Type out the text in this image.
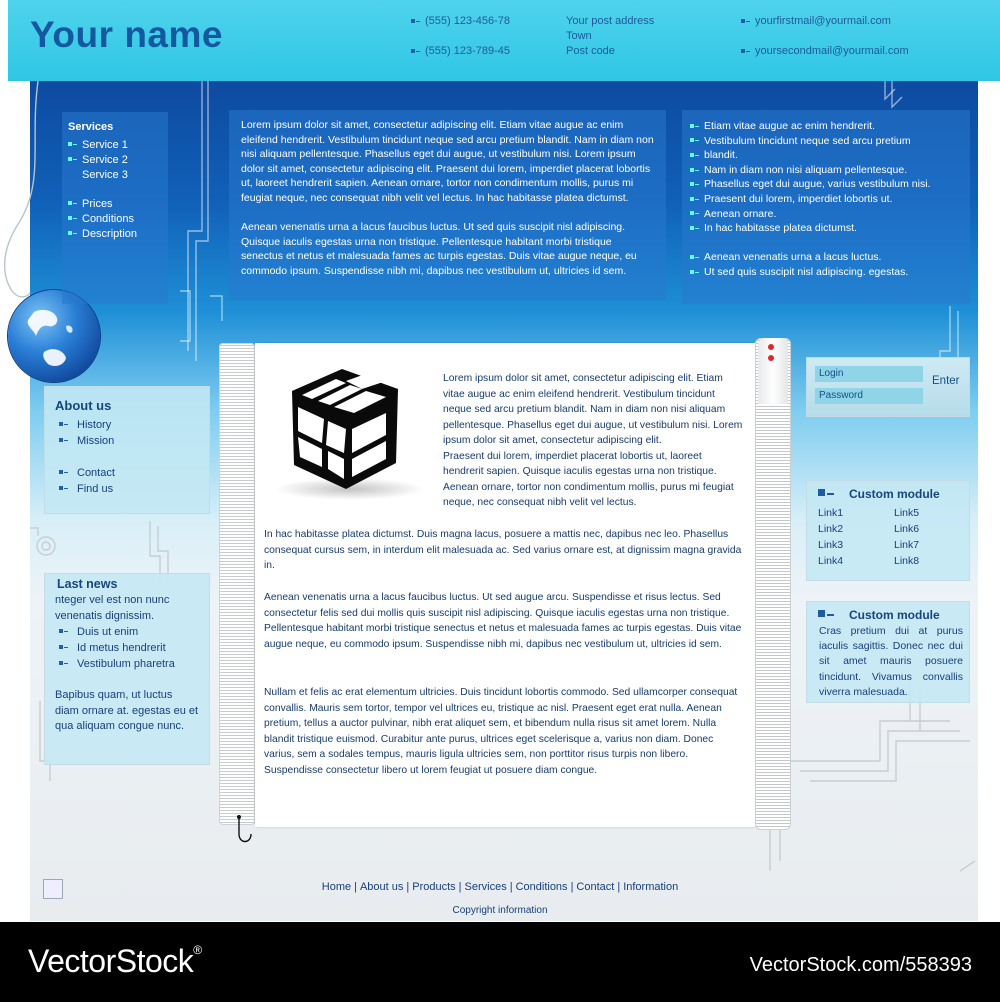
Your name	(555) 123-456-78
(555) 123-789-45
Your post address
Town
Post code
yourfirstmail@yourmail.com
yoursecondmail@yourmail.com
Services
Service 1
Service 2
Service 3
Prices
Conditions
Description

Lorem ipsum dolor sit amet, consectetur adipiscing elit. Etiam vitae augue ac enim eleifend hendrerit. Vestibulum tincidunt neque sed arcu pretium blandit. Nam in diam non nisi aliquam pellentesque. Phasellus eget dui augue, ut vestibulum nisi. Lorem ipsum dolor sit amet, consectetur adipiscing elit. Praesent dui lorem, imperdiet placerat lobortis ut, laoreet hendrerit sapien. Aenean ornare, tortor non condimentum mollis, purus mi feugiat neque, nec consequat nibh velit vel lectus. In hac habitasse platea dictumst.

Aenean venenatis urna a lacus faucibus luctus. Ut sed quis suscipit nisl adipiscing. Quisque iaculis egestas urna non tristique. Pellentesque habitant morbi tristique senectus et netus et malesuada fames ac turpis egestas. Duis vitae augue neque, eu commodo ipsum. Suspendisse nibh mi, dapibus nec vestibulum ut, ultricies id sem.

Etiam vitae augue ac enim hendrerit.
Vestibulum tincidunt neque sed arcu pretium
blandit.
Nam in diam non nisi aliquam pellentesque.
Phasellus eget dui augue, varius vestibulum nisi.
Praesent dui lorem, imperdiet lobortis ut.
Aenean ornare.
In hac habitasse platea dictumst.
Aenean venenatis urna a lacus luctus.
Ut sed quis suscipit nisl adipiscing. egestas.
About us
History
Mission
Contact
Find us
Last news
nteger vel est non nunc venenatis dignissim.
Duis ut enim
Id metus hendrerit
Vestibulum pharetra
Bapibus quam, ut luctus diam ornare at. egestas eu et qua aliquam congue nunc.
Lorem ipsum dolor sit amet, consectetur adipiscing elit. Etiam vitae augue ac enim eleifend hendrerit. Vestibulum tincidunt neque sed arcu pretium blandit. Nam in diam non nisi aliquam pellentesque. Phasellus eget dui augue, ut vestibulum nisi. Lorem ipsum dolor sit amet, consectetur adipiscing elit.
Praesent dui lorem, imperdiet placerat lobortis ut, laoreet hendrerit sapien. Quisque iaculis egestas urna non tristique. Aenean ornare, tortor non condimentum mollis, purus mi feugiat neque, nec consequat nibh velit vel lectus.
In hac habitasse platea dictumst. Duis magna lacus, posuere a mattis nec, dapibus nec leo. Phasellus consequat cursus sem, in interdum elit malesuada ac. Sed varius ornare est, at dignissim magna gravida in.
Aenean venenatis urna a lacus faucibus luctus. Ut sed augue arcu. Suspendisse et risus lectus. Sed consectetur felis sed dui mollis quis suscipit nisl adipiscing. Quisque iaculis egestas urna non tristique. Pellentesque habitant morbi tristique senectus et netus et malesuada fames ac turpis egestas. Duis vitae augue neque, eu commodo ipsum. Suspendisse nibh mi, dapibus nec vestibulum ut, ultricies id sem.
Nullam et felis ac erat elementum ultricies. Duis tincidunt lobortis commodo. Sed ullamcorper consequat convallis. Mauris sem tortor, tempor vel ultrices eu, tristique ac nisl. Praesent eget erat nulla. Aenean pretium, tellus a auctor pulvinar, nibh erat aliquet sem, et bibendum nulla risus sit amet lorem. Nulla blandit tristique euismod. Curabitur ante purus, ultrices eget scelerisque a, varius non diam. Donec varius, sem a sodales tempus, mauris ligula ultricies sem, non porttitor risus turpis non libero. Suspendisse consectetur libero ut lorem feugiat ut posuere diam congue.
Login
Password
Enter
Custom module
Link1
Link2
Link3
Link4
Link5
Link6
Link7
Link8
Custom module
Cras pretium dui at purus iaculis sagittis. Donec nec dui sit amet mauris posuere tincidunt. Vivamus convallis viverra malesuada.
Home | About us | Products | Services | Conditions | Contact | Information
Copyright information
VectorStock®
VectorStock.com/558393
